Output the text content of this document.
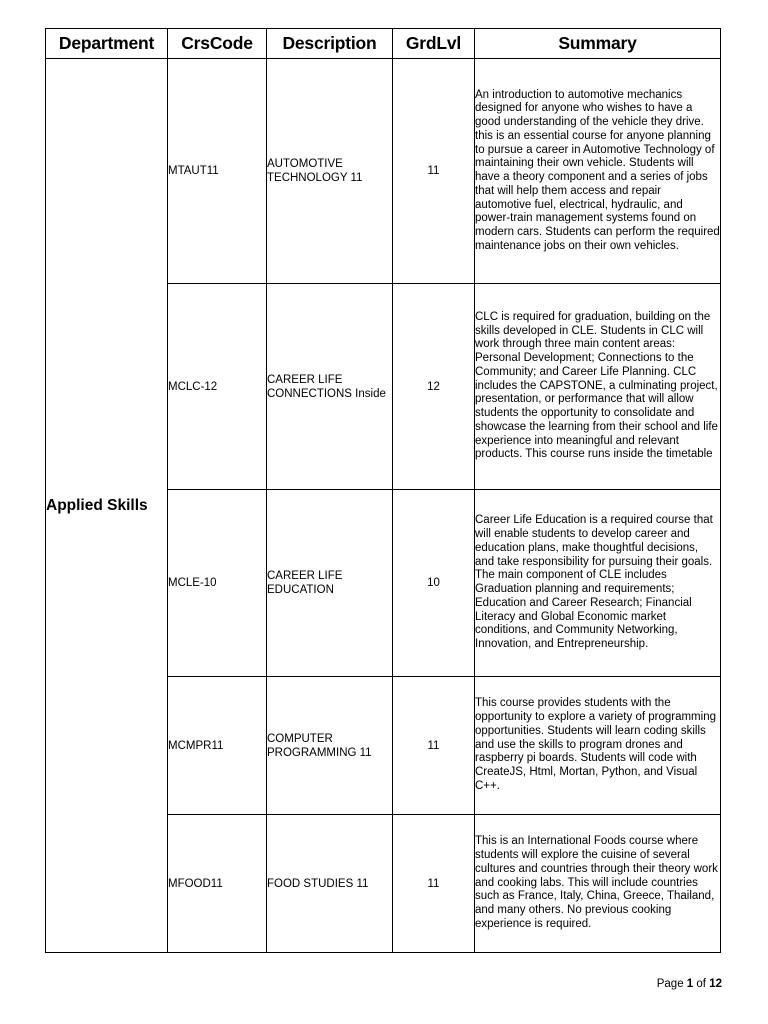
Department	CrsCode	Description	GrdLvl	Summary
Applied Skills	MTAUT11	AUTOMOTIVE TECHNOLOGY 11	11	An introduction to automotive mechanics designed for anyone who wishes to have a good understanding of the vehicle they drive. this is an essential course for anyone planning to pursue a career in Automotive Technology of maintaining their own vehicle. Students will have a theory component and a series of jobs that will help them access and repair automotive fuel, electrical, hydraulic, and power-train management systems found on modern cars. Students can perform the required maintenance jobs on their own vehicles.
	MCLC-12	CAREER LIFE CONNECTIONS Inside	12	CLC is required for graduation, building on the skills developed in CLE. Students in CLC will work through three main content areas: Personal Development; Connections to the Community; and Career Life Planning. CLC includes the CAPSTONE, a culminating project, presentation, or performance that will allow students the opportunity to consolidate and showcase the learning from their school and life experience into meaningful and relevant products. This course runs inside the timetable
	MCLE-10	CAREER LIFE EDUCATION	10	Career Life Education is a required course that will enable students to develop career and education plans, make thoughtful decisions, and take responsibility for pursuing their goals. The main component of CLE includes Graduation planning and requirements; Education and Career Research; Financial Literacy and Global Economic market conditions, and Community Networking, Innovation, and Entrepreneurship.
	MCMPR11	COMPUTER PROGRAMMING 11	11	This course provides students with the opportunity to explore a variety of programming opportunities. Students will learn coding skills and use the skills to program drones and raspberry pi boards. Students will code with CreateJS, Html, Mortan, Python, and Visual C++.
	MFOOD11	FOOD STUDIES 11	11	This is an International Foods course where students will explore the cuisine of several cultures and countries through their theory work and cooking labs. This will include countries such as France, Italy, China, Greece, Thailand, and many others. No previous cooking experience is required.
Page 1 of 12
